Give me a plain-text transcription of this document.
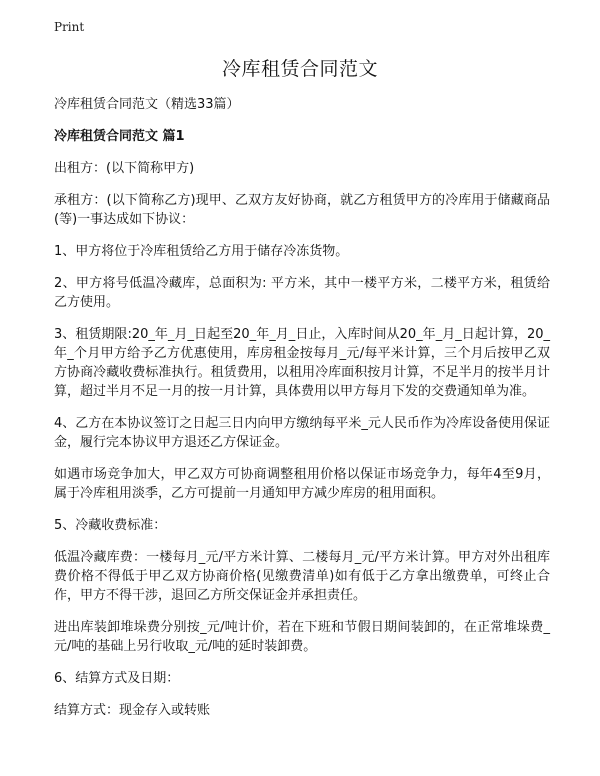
Print
冷库租赁合同范文

冷库租赁合同范文（精选33篇）

冷库租赁合同范文 篇1

出租方：(以下简称甲方)

承租方：(以下简称乙方)现甲、乙双方友好协商，就乙方租赁甲方的冷库用于储藏商品(等)一事达成如下协议：

1、甲方将位于冷库租赁给乙方用于储存冷冻货物。

2、甲方将号低温冷藏库，总面积为: 平方米，其中一楼平方米，二楼平方米，租赁给乙方使用。

3、租赁期限:20_年_月_日起至20_年_月_日止，入库时间从20_年_月_日起计算，20_年_个月甲方给予乙方优惠使用，库房租金按每月_元/每平米计算，三个月后按甲乙双方协商冷藏收费标准执行。租赁费用，以租用冷库面积按月计算，不足半月的按半月计算，超过半月不足一月的按一月计算，具体费用以甲方每月下发的交费通知单为准。

4、乙方在本协议签订之日起三日内向甲方缴纳每平米_元人民币作为冷库设备使用保证金，履行完本协议甲方退还乙方保证金。

如遇市场竞争加大，甲乙双方可协商调整租用价格以保证市场竞争力，每年4至9月，属于冷库租用淡季，乙方可提前一月通知甲方减少库房的租用面积。

5、冷藏收费标准：

低温冷藏库费：一楼每月_元/平方米计算、二楼每月_元/平方米计算。甲方对外出租库费价格不得低于甲乙双方协商价格(见缴费清单)如有低于乙方拿出缴费单，可终止合作，甲方不得干涉，退回乙方所交保证金并承担责任。

进出库装卸堆垛费分别按_元/吨计价，若在下班和节假日期间装卸的，在正常堆垛费_元/吨的基础上另行收取_元/吨的延时装卸费。

6、结算方式及日期：

结算方式：现金存入或转账
